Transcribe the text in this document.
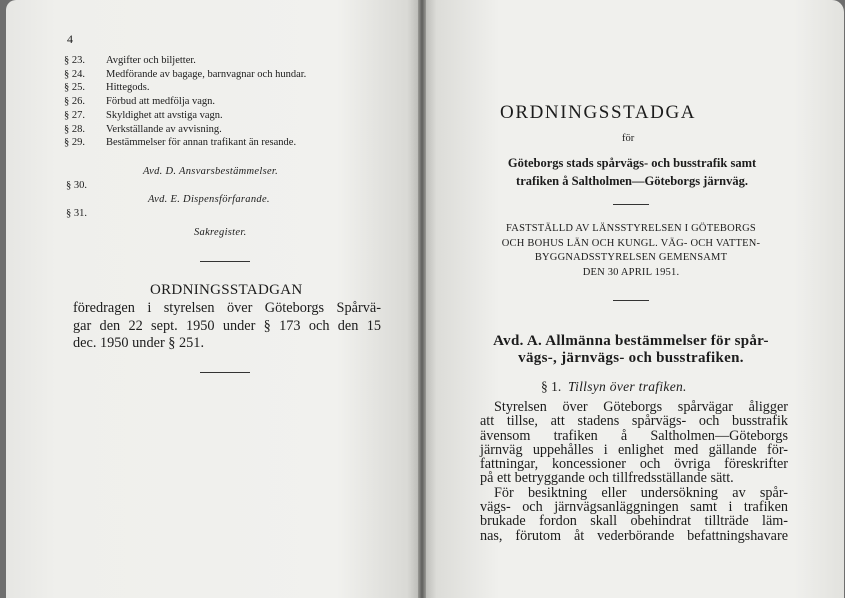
4
§ 23.	Avgifter och biljetter.
§ 24.	Medförande av bagage, barnvagnar och hundar.
§ 25.	Hittegods.
§ 26.	Förbud att medfölja vagn.
§ 27.	Skyldighet att avstiga vagn.
§ 28.	Verkställande av avvisning.
§ 29.	Bestämmelser för annan trafikant än resande.
Avd. D. Ansvarsbestämmelser.
§ 30.
Avd. E. Dispensförfarande.
§ 31.
Sakregister.
ORDNINGSSTADGAN
föredragen i styrelsen över Göteborgs Spårvä-
gar den 22 sept. 1950 under § 173 och den 15
dec. 1950 under § 251.
ORDNINGSSTADGA
för
Göteborgs stads spårvägs- och busstrafik samt
trafiken å Saltholmen—Göteborgs järnväg.
FASTSTÄLLD AV LÄNSSTYRELSEN I GÖTEBORGS
OCH BOHUS LÄN OCH KUNGL. VÄG- OCH VATTEN-
BYGGNADSSTYRELSEN GEMENSAMT
DEN 30 APRIL 1951.
Avd. A. Allmänna bestämmelser för spår-
vägs-, järnvägs- och busstrafiken.
§ 1. Tillsyn över trafiken.
Styrelsen över Göteborgs spårvägar åligger
att tillse, att stadens spårvägs- och busstrafik
ävensom trafiken å Saltholmen—Göteborgs
järnväg uppehålles i enlighet med gällande för-
fattningar, koncessioner och övriga föreskrifter
på ett betryggande och tillfredsställande sätt.
För besiktning eller undersökning av spår-
vägs- och järnvägsanläggningen samt i trafiken
brukade fordon skall obehindrat tillträde läm-
nas, förutom åt vederbörande befattningshavare
